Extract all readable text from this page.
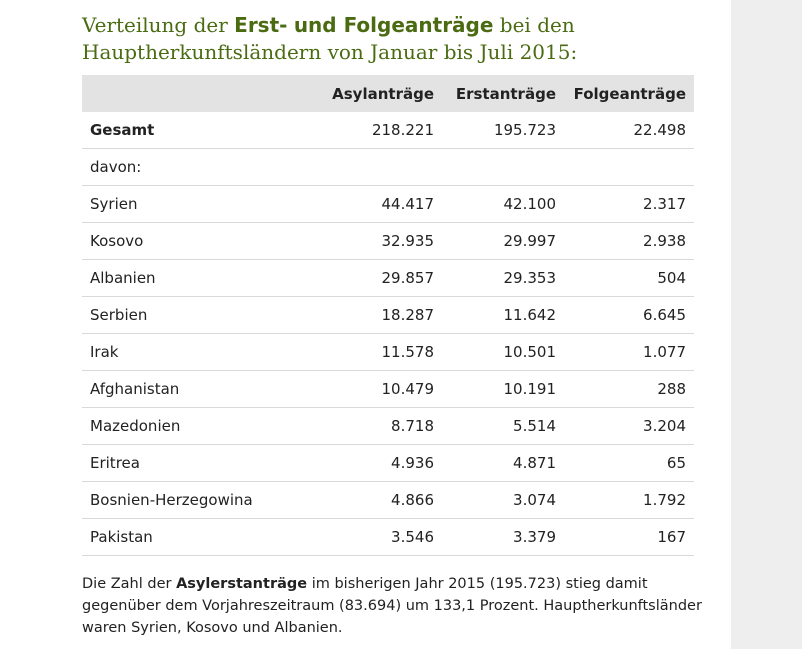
Verteilung der Erst- und Folgeanträge bei den Hauptherkunftsländern von Januar bis Juli 2015:
	Asylanträge	Erstanträge	Folgeanträge
Gesamt	218.221	195.723	22.498
davon:			
Syrien	44.417	42.100	2.317
Kosovo	32.935	29.997	2.938
Albanien	29.857	29.353	504
Serbien	18.287	11.642	6.645
Irak	11.578	10.501	1.077
Afghanistan	10.479	10.191	288
Mazedonien	8.718	5.514	3.204
Eritrea	4.936	4.871	65
Bosnien-Herzegowina	4.866	3.074	1.792
Pakistan	3.546	3.379	167

Die Zahl der Asylerstanträge im bisherigen Jahr 2015 (195.723) stieg damit gegenüber dem Vorjahreszeitraum (83.694) um 133,1 Prozent. Hauptherkunftsländer waren Syrien, Kosovo und Albanien.
